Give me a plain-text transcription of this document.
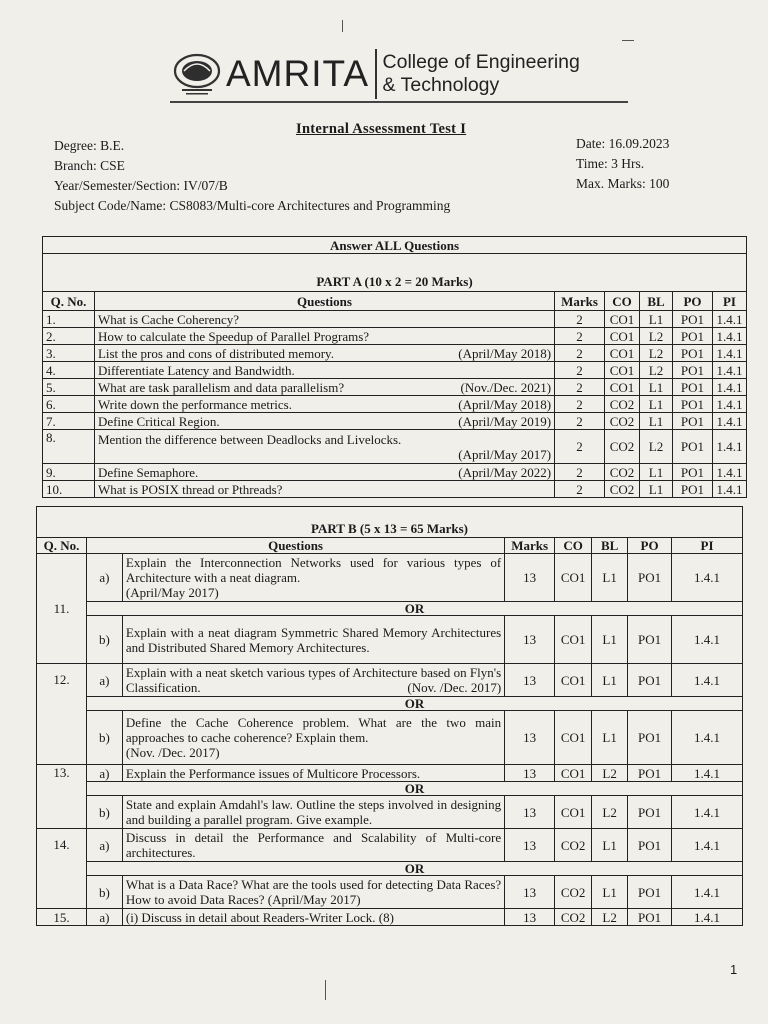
AMRITA College of Engineering
& Technology
Internal Assessment Test I
Degree: B.E.
Branch: CSE
Year/Semester/Section: IV/07/B
Subject Code/Name: CS8083/Multi-core Architectures and Programming
Date: 16.09.2023
Time: 3 Hrs.
Max. Marks: 100
Answer ALL Questions						
PART A (10 x 2 = 20 Marks)						
Q. No.	Questions	Marks	CO	BL	PO	PI
1.	What is Cache Coherency?	2	CO1	L1	PO1	1.4.1
2.	How to calculate the Speedup of Parallel Programs?	2	CO1	L2	PO1	1.4.1
3.	List the pros and cons of distributed memory. (April/May 2018)	2	CO1	L2	PO1	1.4.1
4.	Differentiate Latency and Bandwidth.	2	CO1	L2	PO1	1.4.1
5.	What are task parallelism and data parallelism? (Nov./Dec. 2021)	2	CO1	L1	PO1	1.4.1
6.	Write down the performance metrics. (April/May 2018)	2	CO2	L1	PO1	1.4.1
7.	Define Critical Region. (April/May 2019)	2	CO2	L1	PO1	1.4.1
8.	Mention the difference between Deadlocks and Livelocks.
(April/May 2017)	2	CO2	L2	PO1	1.4.1
9.	Define Semaphore. (April/May 2022)	2	CO2	L1	PO1	1.4.1
10.	What is POSIX thread or Pthreads?	2	CO2	L1	PO1	1.4.1
PART B (5 x 13 = 65 Marks)							
Q. No.	Questions		Marks	CO	BL	PO	PI
11.	a)	Explain the Interconnection Networks used for various types of Architecture with a neat diagram.
(April/May 2017)	13	CO1	L1	PO1	1.4.1
	OR						
	b)	Explain with a neat diagram Symmetric Shared Memory Architectures and Distributed Shared Memory Architectures.	13	CO1	L1	PO1	1.4.1
12.	a)	Explain with a neat sketch various types of Architecture based on Flyn's Classification. (Nov. /Dec. 2017)	13	CO1	L1	PO1	1.4.1
	OR						
	b)	Define the Cache Coherence problem. What are the two main approaches to cache coherence? Explain them.
(Nov. /Dec. 2017)	13	CO1	L1	PO1	1.4.1
13.	a)	Explain the Performance issues of Multicore Processors.	13	CO1	L2	PO1	1.4.1
	OR						
	b)	State and explain Amdahl's law. Outline the steps involved in designing and building a parallel program. Give example.	13	CO1	L2	PO1	1.4.1
14.	a)	Discuss in detail the Performance and Scalability of Multi-core architectures.	13	CO2	L1	PO1	1.4.1
	OR						
	b)	What is a Data Race? What are the tools used for detecting Data Races? How to avoid Data Races? (April/May 2017)	13	CO2	L1	PO1	1.4.1
15.	a)	(i) Discuss in detail about Readers-Writer Lock. (8)	13	CO2	L2	PO1	1.4.1
1
